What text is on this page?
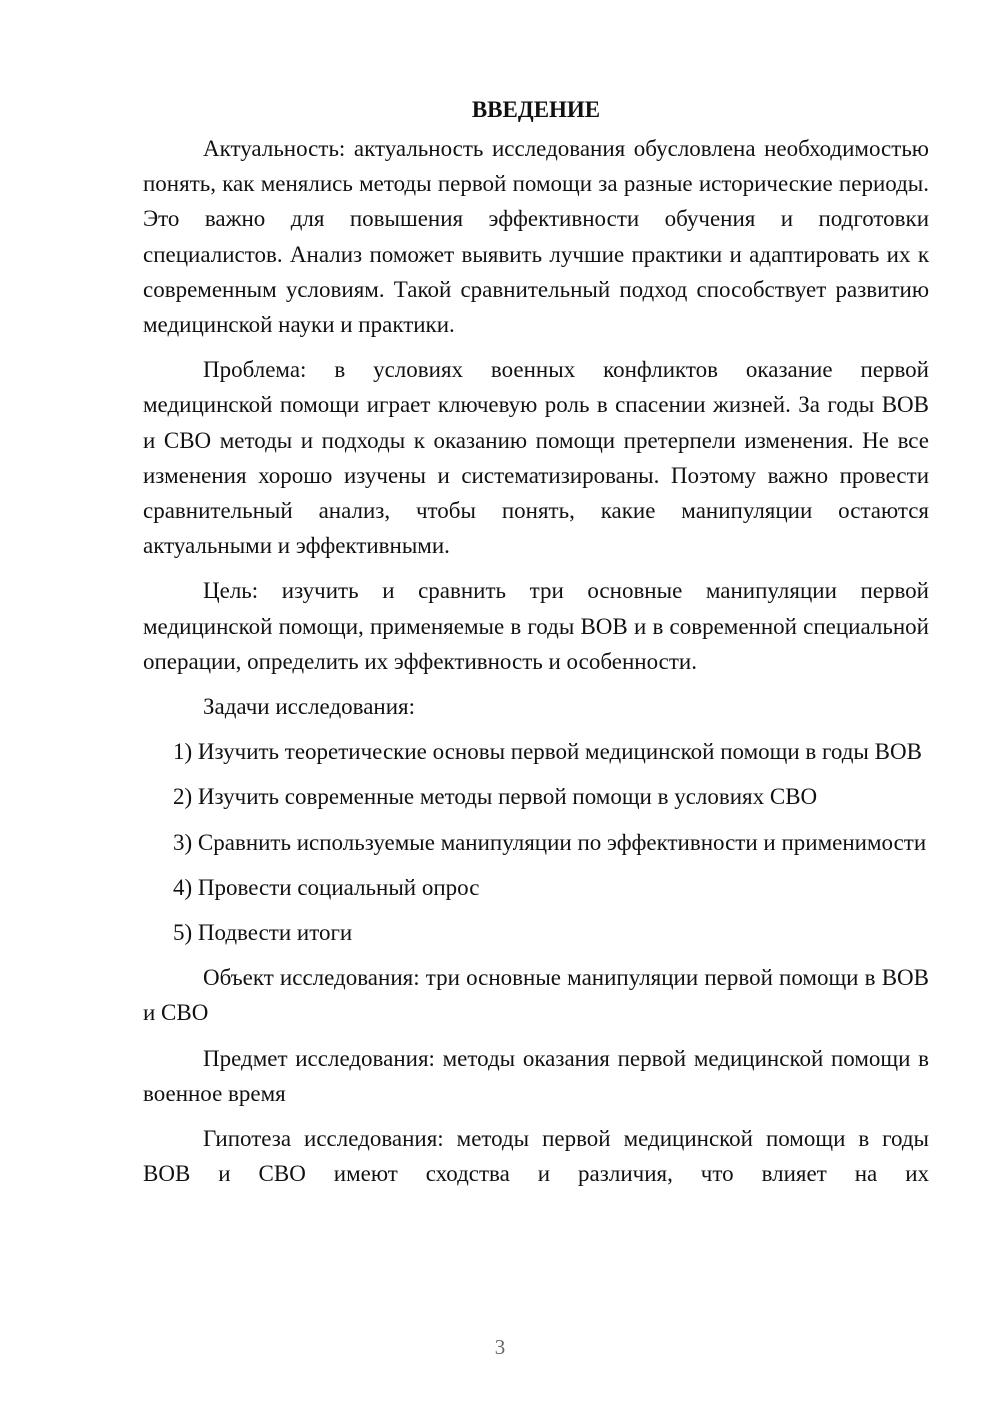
ВВЕДЕНИЕ

Актуальность: актуальность исследования обусловлена необходимостью понять, как менялись методы первой помощи за разные исторические периоды. Это важно для повышения эффективности обучения и подготовки специалистов. Анализ поможет выявить лучшие практики и адаптировать их к современным условиям. Такой сравнительный подход способствует развитию медицинской науки и практики.

Проблема: в условиях военных конфликтов оказание первой медицинской помощи играет ключевую роль в спасении жизней. За годы ВОВ и СВО методы и подходы к оказанию помощи претерпели изменения. Не все изменения хорошо изучены и систематизированы. Поэтому важно провести сравнительный анализ, чтобы понять, какие манипуляции остаются актуальными и эффективными.

Цель: изучить и сравнить три основные манипуляции первой медицинской помощи, применяемые в годы ВОВ и в современной специальной операции, определить их эффективность и особенности.

Задачи исследования:

1) Изучить теоретические основы первой медицинской помощи в годы ВОВ

2) Изучить современные методы первой помощи в условиях СВО

3) Сравнить используемые манипуляции по эффективности и применимости

4) Провести социальный опрос

5) Подвести итоги

Объект исследования: три основные манипуляции первой помощи в ВОВ и СВО

Предмет исследования: методы оказания первой медицинской помощи в военное время

Гипотеза исследования: методы первой медицинской помощи в годы ВОВ и СВО имеют сходства и различия, что влияет на их

3
